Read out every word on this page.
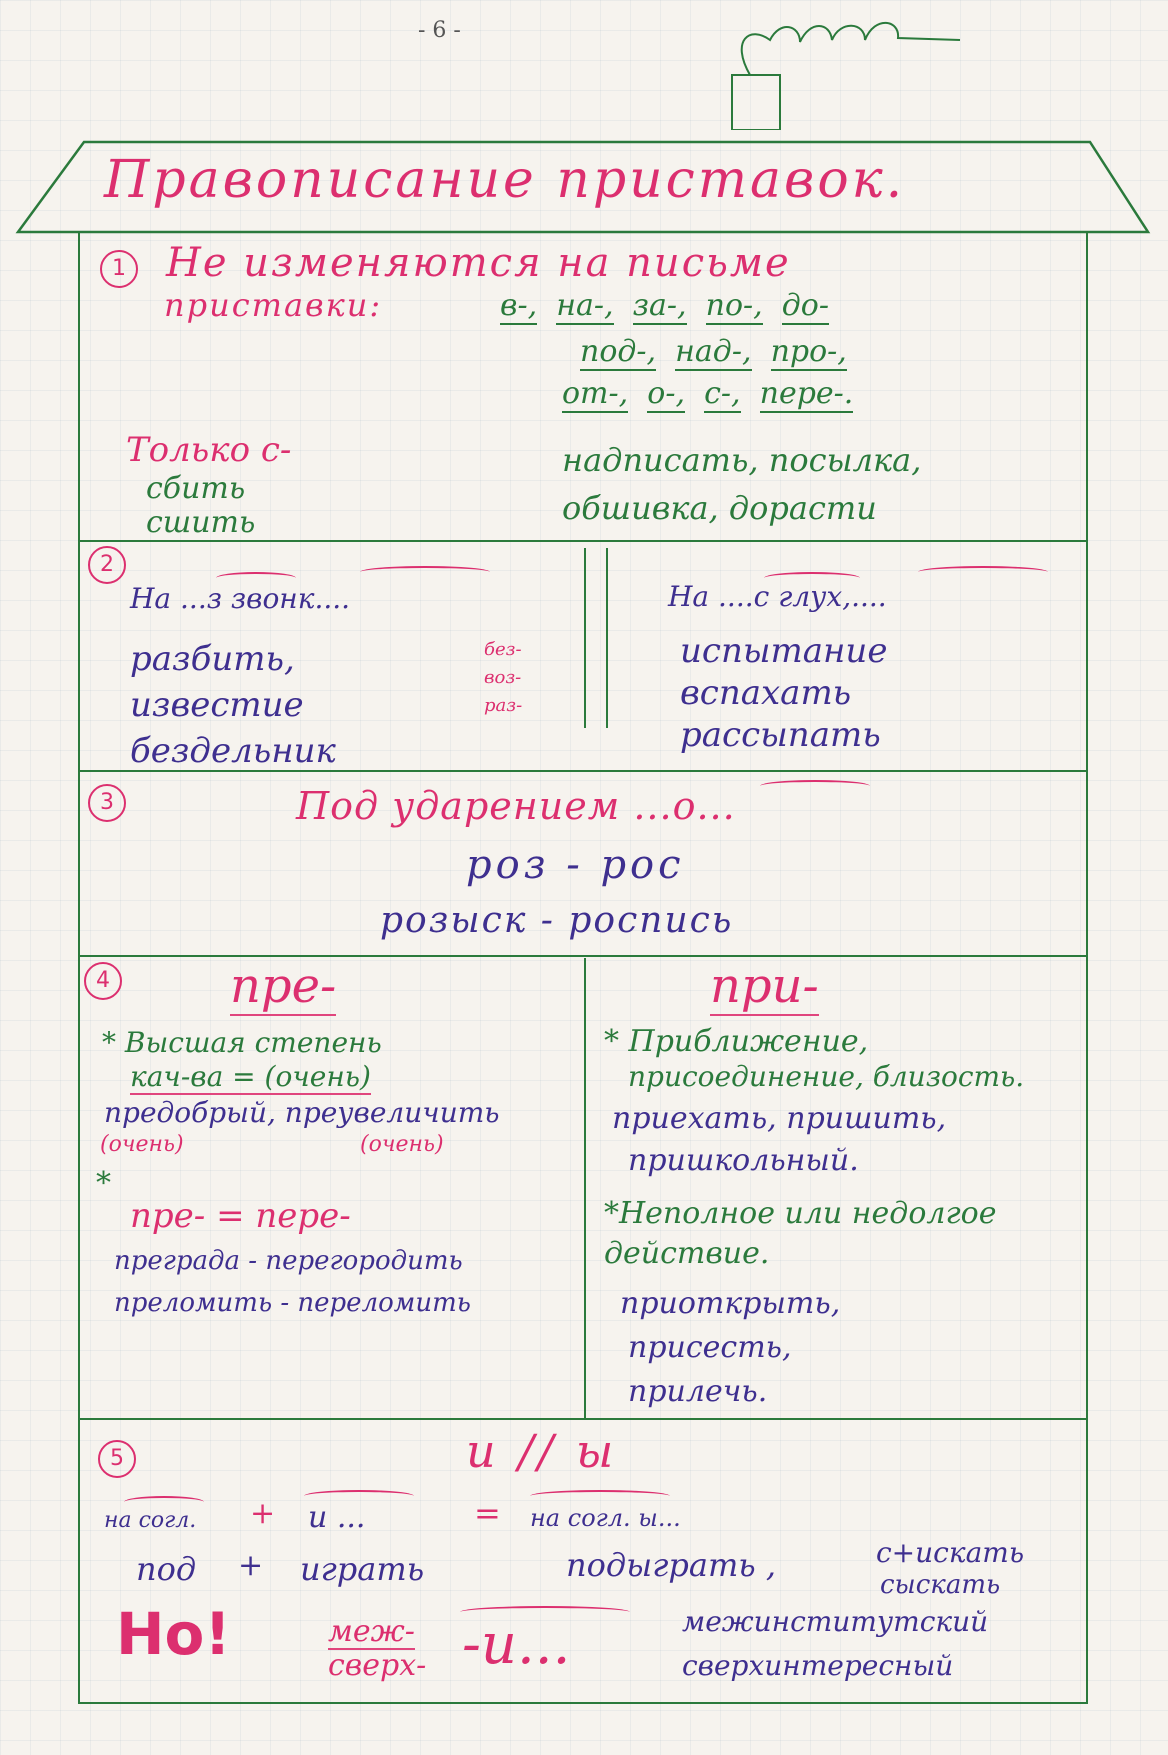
- 6 -
Правописание приставок.
1	Не изменяются на письме
приставки:	в-, на-, за-, по-, до-
под-, над-, про-,
от-, о-, с-, пере-.
Только с-
сбить
сшить
надписать, посылка,
обшивка, дорасти
2
На ...з звонк....
разбить,
известие
бездельник
без-
воз-
раз-
На ....с глух,....
испытание
вспахать
рассыпать
3	Под ударением ...о...
роз - рос
розыск - роспись
4	пре-
* Высшая степень
кач-ва = (очень)
предобрый, преувеличить
(очень)	(очень)
*
пре- = пере-
преграда - перегородить
преломить - переломить
при-
* Приближение,
присоединение, близость.
приехать, пришить,
пришкольный.
*Неполное или недолгое
действие.
приоткрыть,
присесть,
прилечь.
5	и // ы
на согл. + и ...	= на согл. ы...
под + играть	подыграть ,	с+искать
сыскать
Но!	меж-
сверх- -и...	межинститутский
сверхинтересный
